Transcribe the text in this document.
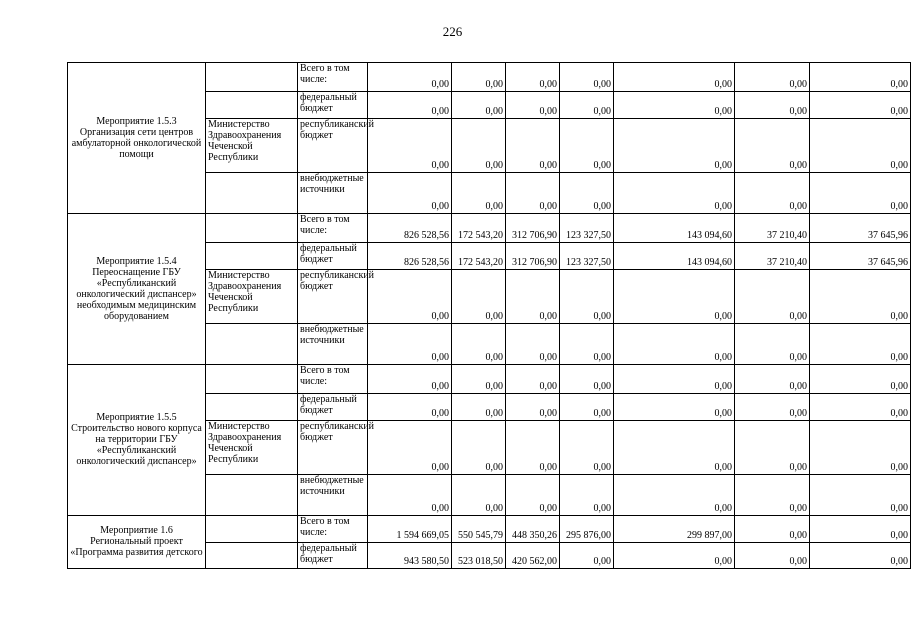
226
Мероприятие 1.5.3 Организация сети центров амбулаторной онкологической помощи		Всего в том числе:	0,00	0,00	0,00	0,00	0,00	0,00	0,00
		федеральный бюджет	0,00	0,00	0,00	0,00	0,00	0,00	0,00
	Министерство Здравоохранения Чеченской Республики	республиканский бюджет	0,00	0,00	0,00	0,00	0,00	0,00	0,00
		внебюджетные источники	0,00	0,00	0,00	0,00	0,00	0,00	0,00
Мероприятие 1.5.4 Переоснащение ГБУ «Республиканский онкологический диспансер» необходимым медицинским оборудованием		Всего в том числе:	826 528,56	172 543,20	312 706,90	123 327,50	143 094,60	37 210,40	37 645,96
		федеральный бюджет	826 528,56	172 543,20	312 706,90	123 327,50	143 094,60	37 210,40	37 645,96
	Министерство Здравоохранения Чеченской Республики	республиканский бюджет	0,00	0,00	0,00	0,00	0,00	0,00	0,00
		внебюджетные источники	0,00	0,00	0,00	0,00	0,00	0,00	0,00
Мероприятие 1.5.5 Строительство нового корпуса на территории ГБУ «Республиканский онкологический диспансер»		Всего в том числе:	0,00	0,00	0,00	0,00	0,00	0,00	0,00
		федеральный бюджет	0,00	0,00	0,00	0,00	0,00	0,00	0,00
	Министерство Здравоохранения Чеченской Республики	республиканский бюджет	0,00	0,00	0,00	0,00	0,00	0,00	0,00
		внебюджетные источники	0,00	0,00	0,00	0,00	0,00	0,00	0,00
Мероприятие 1.6 Региональный проект «Программа развития детского		Всего в том числе:	1 594 669,05	550 545,79	448 350,26	295 876,00	299 897,00	0,00	0,00
		федеральный бюджет	943 580,50	523 018,50	420 562,00	0,00	0,00	0,00	0,00
